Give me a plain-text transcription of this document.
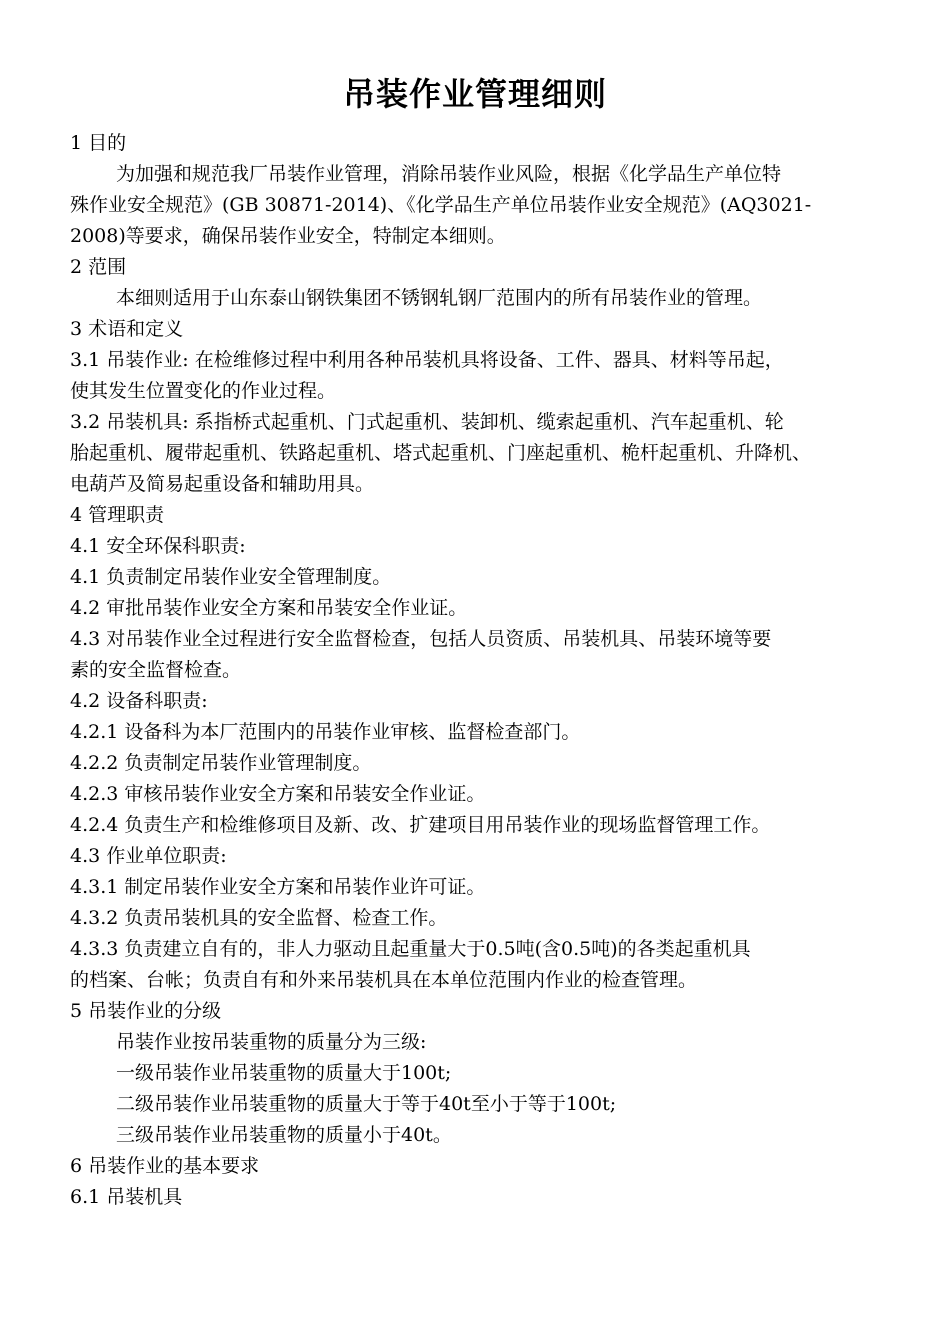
吊装作业管理细则
1 目的
为加强和规范我厂吊装作业管理，消除吊装作业风险，根据《化学品生产单位特
殊作业安全规范》(GB 30871-2014)、《化学品生产单位吊装作业安全规范》(AQ3021-
2008)等要求，确保吊装作业安全，特制定本细则。
2 范围
本细则适用于山东泰山钢铁集团不锈钢轧钢厂范围内的所有吊装作业的管理。
3 术语和定义
3.1 吊装作业: 在检维修过程中利用各种吊装机具将设备、工件、器具、材料等吊起，
使其发生位置变化的作业过程。
3.2 吊装机具: 系指桥式起重机、门式起重机、装卸机、缆索起重机、汽车起重机、轮
胎起重机、履带起重机、铁路起重机、塔式起重机、门座起重机、桅杆起重机、升降机、
电葫芦及简易起重设备和辅助用具。
4 管理职责
4.1 安全环保科职责:
4.1 负责制定吊装作业安全管理制度。
4.2 审批吊装作业安全方案和吊装安全作业证。
4.3 对吊装作业全过程进行安全监督检查，包括人员资质、吊装机具、吊装环境等要
素的安全监督检查。
4.2 设备科职责:
4.2.1 设备科为本厂范围内的吊装作业审核、监督检查部门。
4.2.2 负责制定吊装作业管理制度。
4.2.3 审核吊装作业安全方案和吊装安全作业证。
4.2.4 负责生产和检维修项目及新、改、扩建项目用吊装作业的现场监督管理工作。
4.3 作业单位职责:
4.3.1 制定吊装作业安全方案和吊装作业许可证。
4.3.2 负责吊装机具的安全监督、检查工作。
4.3.3 负责建立自有的，非人力驱动且起重量大于0.5吨(含0.5吨)的各类起重机具
的档案、台帐；负责自有和外来吊装机具在本单位范围内作业的检查管理。
5 吊装作业的分级
吊装作业按吊装重物的质量分为三级:
一级吊装作业吊装重物的质量大于100t;
二级吊装作业吊装重物的质量大于等于40t至小于等于100t;
三级吊装作业吊装重物的质量小于40t。
6 吊装作业的基本要求
6.1 吊装机具
